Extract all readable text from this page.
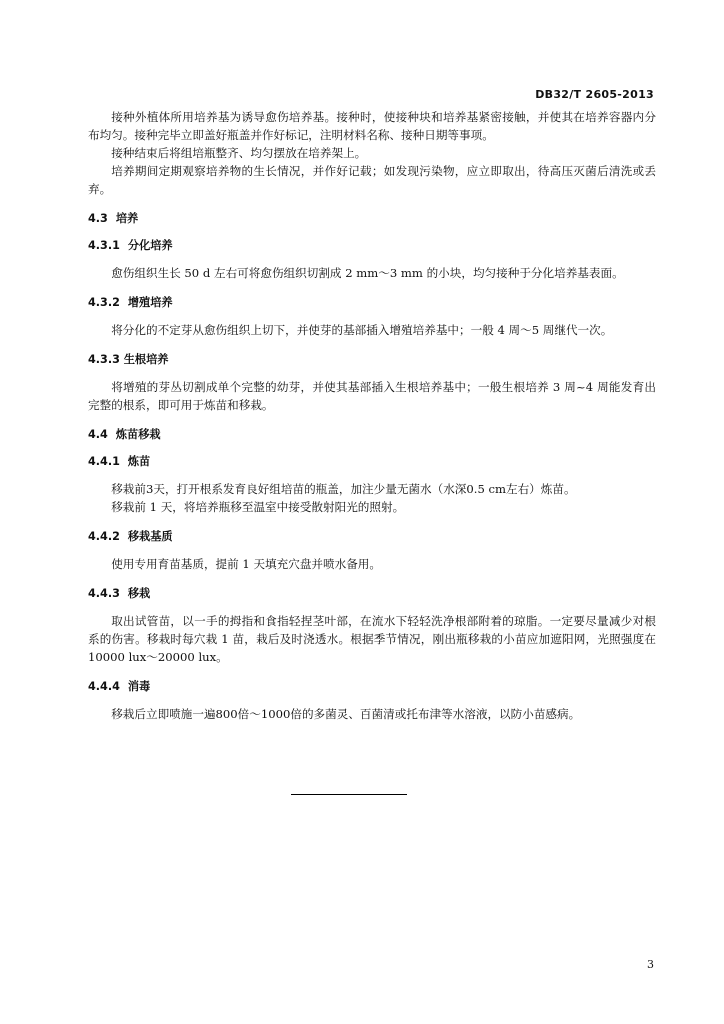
DB32/T 2605-2013

接种外植体所用培养基为诱导愈伤培养基。接种时，使接种块和培养基紧密接触，并使其在培养容器内分布均匀。接种完毕立即盖好瓶盖并作好标记，注明材料名称、接种日期等事项。

接种结束后将组培瓶整齐、均匀摆放在培养架上。

培养期间定期观察培养物的生长情况，并作好记载；如发现污染物，应立即取出，待高压灭菌后清洗或丢弃。

4.3 培养
4.3.1 分化培养

愈伤组织生长 50 d 左右可将愈伤组织切割成 2 mm～3 mm 的小块，均匀接种于分化培养基表面。

4.3.2 增殖培养

将分化的不定芽从愈伤组织上切下，并使芽的基部插入增殖培养基中；一般 4 周～5 周继代一次。

4.3.3 生根培养

将增殖的芽丛切割成单个完整的幼芽，并使其基部插入生根培养基中；一般生根培养 3 周~4 周能发育出完整的根系，即可用于炼苗和移栽。

4.4 炼苗移栽
4.4.1 炼苗

移栽前3天，打开根系发育良好组培苗的瓶盖，加注少量无菌水（水深0.5 cm左右）炼苗。

移栽前 1 天，将培养瓶移至温室中接受散射阳光的照射。

4.4.2 移栽基质

使用专用育苗基质，提前 1 天填充穴盘并喷水备用。

4.4.3 移栽

取出试管苗，以一手的拇指和食指轻捏茎叶部，在流水下轻轻洗净根部附着的琼脂。一定要尽量减少对根系的伤害。移栽时每穴栽 1 苗，栽后及时浇透水。根据季节情况，刚出瓶移栽的小苗应加遮阳网，光照强度在 10000 lux～20000 lux。

4.4.4 消毒

移栽后立即喷施一遍800倍～1000倍的多菌灵、百菌清或托布津等水溶液，以防小苗感病。

3
